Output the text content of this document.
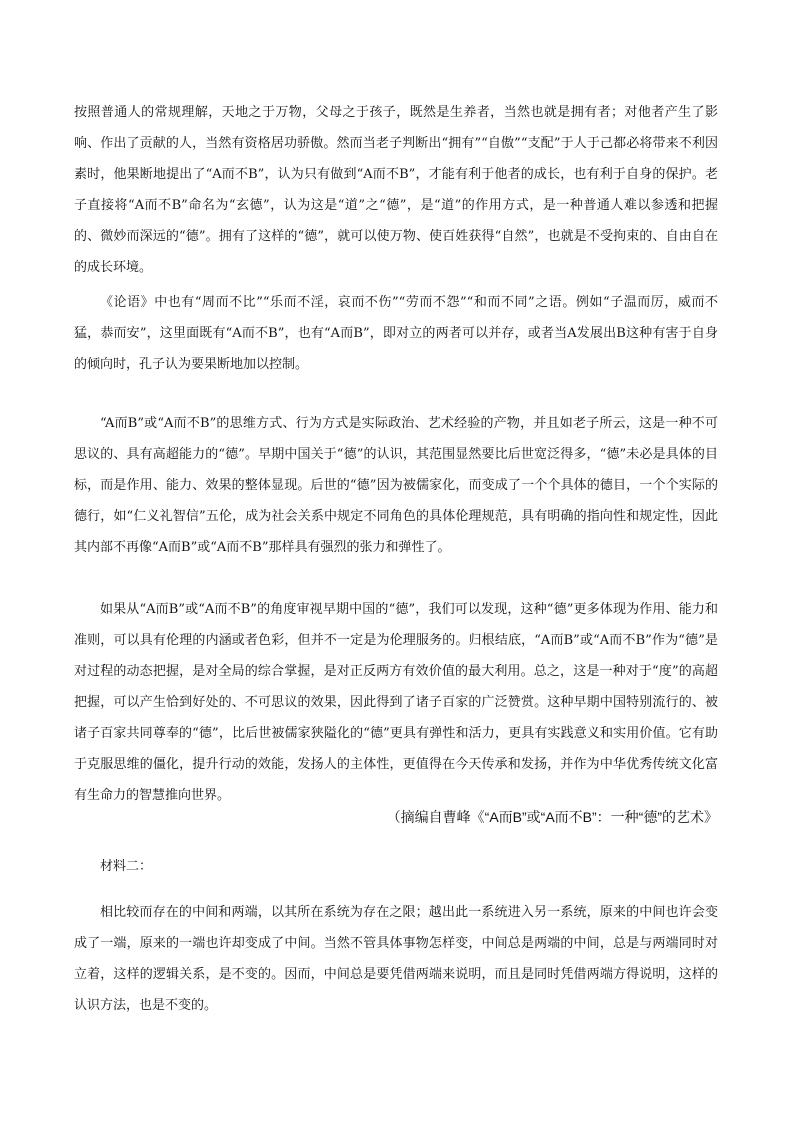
按照普通人的常规理解，天地之于万物，父母之于孩子，既然是生养者，当然也就是拥有者；对他者产生了影响、作出了贡献的人，当然有资格居功骄傲。然而当老子判断出“拥有”“自傲”“支配”于人于己都必将带来不利因素时，他果断地提出了“A而不B”，认为只有做到“A而不B”，才能有利于他者的成长，也有利于自身的保护。老子直接将“A而不B”命名为“玄德”，认为这是“道”之“德”，是“道”的作用方式，是一种普通人难以参透和把握的、微妙而深远的“德”。拥有了这样的“德”，就可以使万物、使百姓获得“自然”，也就是不受拘束的、自由自在的成长环境。

《论语》中也有“周而不比”“乐而不淫，哀而不伤”“劳而不怨”“和而不同”之语。例如“子温而厉，威而不猛，恭而安”，这里面既有“A而不B”，也有“A而B”，即对立的两者可以并存，或者当A发展出B这种有害于自身的倾向时，孔子认为要果断地加以控制。

“A而B”或“A而不B”的思维方式、行为方式是实际政治、艺术经验的产物，并且如老子所云，这是一种不可思议的、具有高超能力的“德”。早期中国关于“德”的认识，其范围显然要比后世宽泛得多，“德”未必是具体的目标，而是作用、能力、效果的整体显现。后世的“德”因为被儒家化，而变成了一个个具体的德目，一个个实际的德行，如“仁义礼智信”五伦，成为社会关系中规定不同角色的具体伦理规范，具有明确的指向性和规定性，因此其内部不再像“A而B”或“A而不B”那样具有强烈的张力和弹性了。

如果从“A而B”或“A而不B”的角度审视早期中国的“德”，我们可以发现，这种“德”更多体现为作用、能力和准则，可以具有伦理的内涵或者色彩，但并不一定是为伦理服务的。归根结底，“A而B”或“A而不B”作为“德”是对过程的动态把握，是对全局的综合掌握，是对正反两方有效价值的最大利用。总之，这是一种对于“度”的高超把握，可以产生恰到好处的、不可思议的效果，因此得到了诸子百家的广泛赞赏。这种早期中国特别流行的、被诸子百家共同尊奉的“德”，比后世被儒家狭隘化的“德”更具有弹性和活力，更具有实践意义和实用价值。它有助于克服思维的僵化，提升行动的效能，发扬人的主体性，更值得在今天传承和发扬，并作为中华优秀传统文化富有生命力的智慧推向世界。

（摘编自曹峰《“A而B”或“A而不B”：一种“德”的艺术》

材料二：

相比较而存在的中间和两端，以其所在系统为存在之限；越出此一系统进入另一系统，原来的中间也许会变成了一端，原来的一端也许却变成了中间。当然不管具体事物怎样变，中间总是两端的中间，总是与两端同时对立着，这样的逻辑关系，是不变的。因而，中间总是要凭借两端来说明，而且是同时凭借两端方得说明，这样的认识方法，也是不变的。
